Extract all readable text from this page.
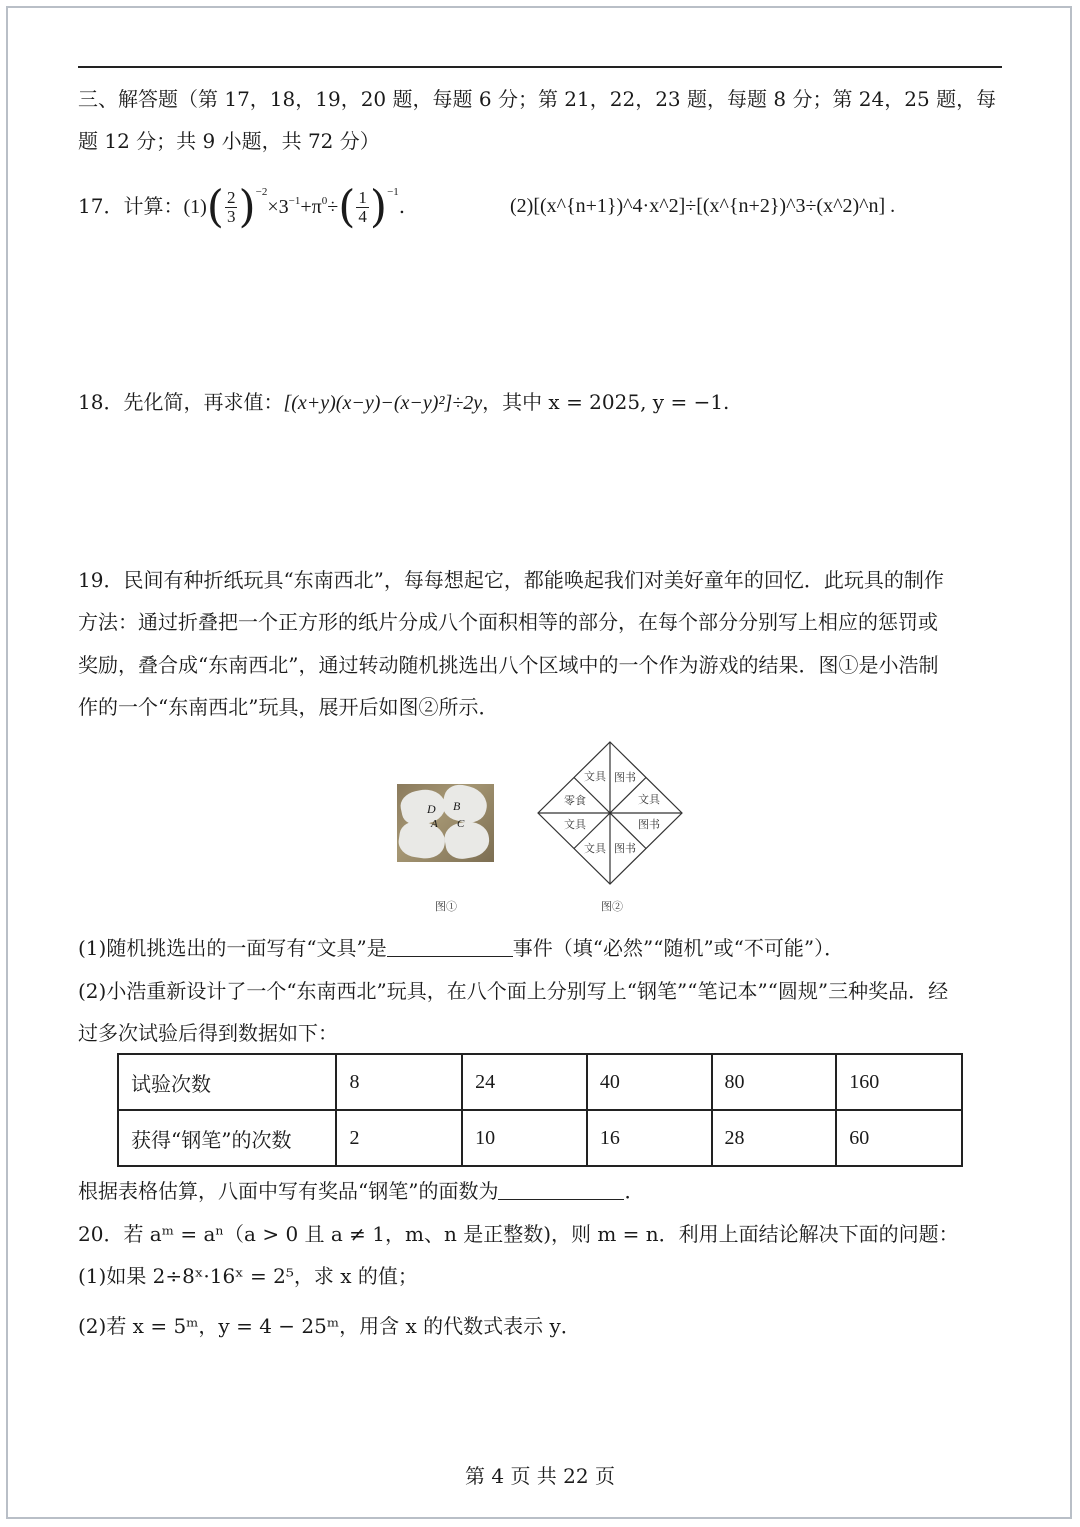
三、解答题（第 17，18，19，20 题，每题 6 分；第 21，22，23 题，每题 8 分；第 24，25 题，每
题 12 分；共 9 小题，共 72 分）
17．计算：$(1)( \frac{2}{3} )^{-2}\times 3^{-1}+\pi^0\div( \frac{1}{4} )^{-1}$.	(2)[(x^{n+1})^4·x^2]÷[(x^{n+2})^3÷(x^2)^n] .
18．先化简，再求值：[(x+y)(x−y)−(x−y)²]÷2y，其中 x = 2025, y = −1.
19．民间有种折纸玩具“东南西北”，每每想起它，都能唤起我们对美好童年的回忆．此玩具的制作
方法：通过折叠把一个正方形的纸片分成八个面积相等的部分，在每个部分分别写上相应的惩罚或
奖励，叠合成“东南西北”，通过转动随机挑选出八个区域中的一个作为游戏的结果．图①是小浩制
作的一个“东南西北”玩具，展开后如图②所示．
D B
A C
图①
文具 图书
零食	文具
文具	图书
文具 图书
图②
(1)随机挑选出的一面写有“文具”是	事件（填“必然”“随机”或“不可能”）．
(2)小浩重新设计了一个“东南西北”玩具，在八个面上分别写上“钢笔”“笔记本”“圆规”三种奖品．经
过多次试验后得到数据如下：
试验次数	8	24	40	80	160
获得“钢笔”的次数	2	10	16	28	60
根据表格估算，八面中写有奖品“钢笔”的面数为	．
20．若 aᵐ = aⁿ（a > 0 且 a ≠ 1，m、n 是正整数)，则 m = n．利用上面结论解决下面的问题：
(1)如果 2÷8ˣ·16ˣ = 2⁵，求 x 的值；
(2)若 x = 5ᵐ，y = 4 − 25ᵐ，用含 x 的代数式表示 y．
第 4 页 共 22 页
